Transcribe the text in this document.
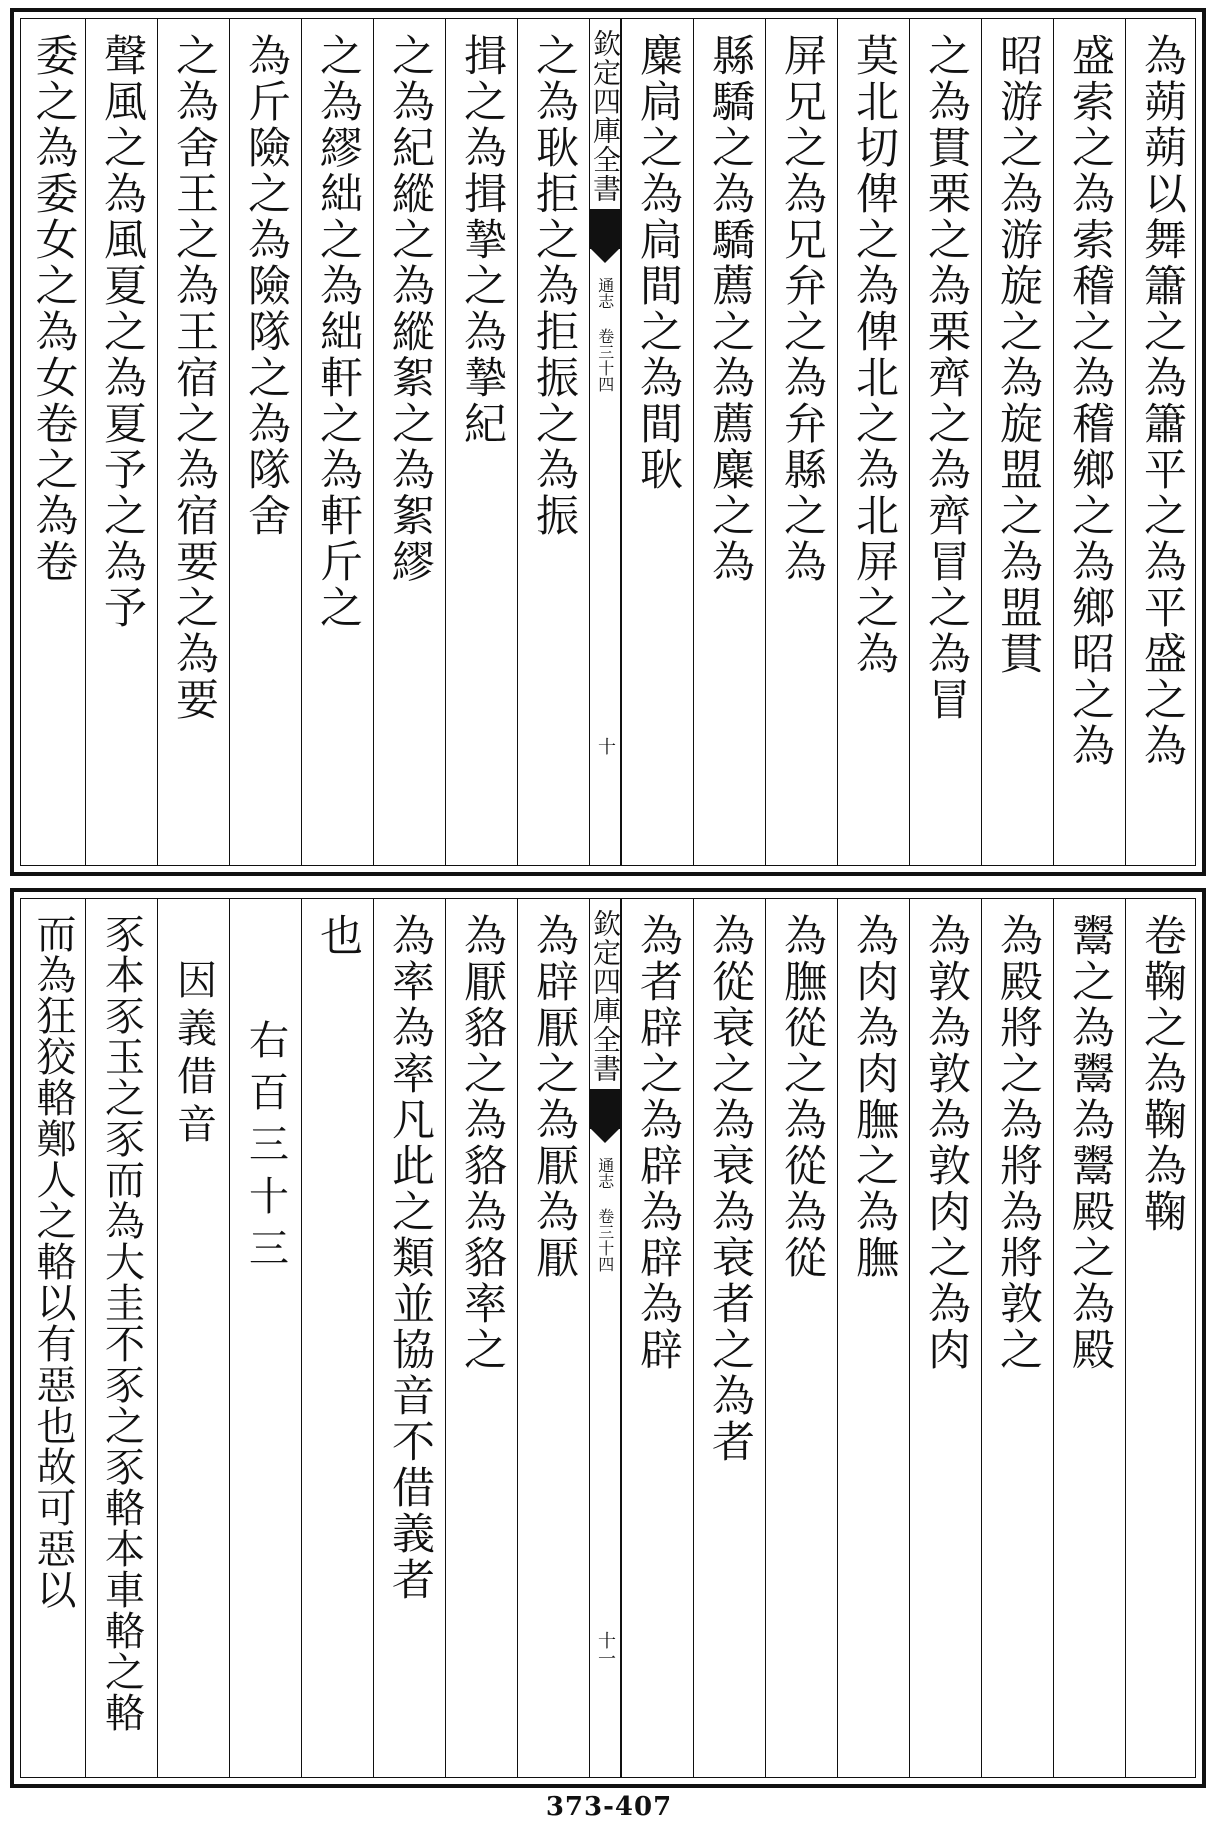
為蒴蒴以舞簫之為簫平之為平盛之為
盛索之為索稽之為稽鄉之為鄉昭之為
昭游之為游旋之為旋盟之為盟貫
之為貫栗之為栗齊之為齊冒之為冒
莫北切俾之為俾北之為北屏之為
屏兄之為兄弁之為弁縣之為
縣驕之為驕薦之為薦麋之為
麋扃之為扃間之為間耿
欽定四庫全書
通志 卷三十四
十
之為耿拒之為拒振之為振
揖之為揖摯之為摯紀
之為紀縱之為縱絮之為絮繆
之為繆絀之為絀軒之為軒斤之
為斤險之為險隊之為隊舍
之為舍王之為王宿之為宿要之為要
聲風之為風夏之為夏予之為予
委之為委女之為女卷之為卷
卷鞠之為鞠為鞠
鬻之為鬻為鬻殿之為殿
為殿將之為將為將敦之
為敦為敦為敦肉之為肉
為肉為肉膴之為膴
為膴從之為從為從
為從衰之為衰為衰者之為者
為者辟之為辟為辟為辟
欽定四庫全書
通志 卷三十四
十一
為辟厭之為厭為厭
為厭貉之為貉為貉率之
為率為率凡此之類並協音不借義者
也
右百三十三
因義借音
豕本豕玉之豕而為大圭不豕之豕輅本車輅之輅
而為狂狡輅鄭人之輅以有惡也故可惡以
373-407
